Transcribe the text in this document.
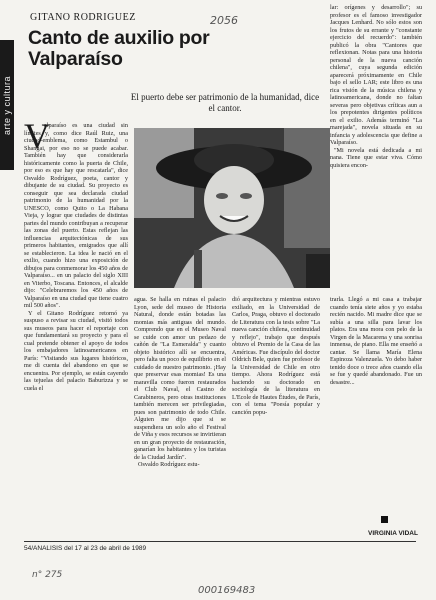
arte y cultura
GITANO RODRIGUEZ	2056
Canto de auxilio por Valparaíso
El puerto debe ser patrimonio de la humanidad, dice el cantor.
V

alparaíso es una ciudad sin límites y, como dice Raúl Ruiz, una ciudad-emblema, como Estambul o Shangai, por eso no se puede acabar. También hay que considerarla históricamente como la puerta de Chile, por eso es que hay que rescatarla", dice Osvaldo Rodríguez, poeta, cantor y dibujante de su ciudad. Su proyecto es conseguir que sea declarada ciudad patrimonio de la humanidad por la UNESCO, como Quito o La Habana Vieja, y lograr que ciudades de distintas partes del mundo contribuyan a recuperar las zonas del puerto. Estas reflejan las influencias arquitectónicas de sus primeros habitantes, emigrados que allí se establecieron. La idea le nació en el exilio, cuando hizo una exposición de dibujos para conmemorar los 450 años de Valparaíso... en un palacio del siglo XIII en Viterbo, Toscana. Entonces, el alcalde dijo: "Celebraremos los 450 años de Valparaíso en una ciudad que tiene cuatro mil 500 años".

Y el Gitano Rodríguez retornó ya suspuso a revisar su ciudad, visitó todos sus museos para hacer el reportaje con que fundamentará su proyecto y para el cual pretende obtener el apoyo de todos los embajadores latinoamericanos en París: "Visitando sus lugares históricos, me di cuenta del abandono en que se encuentra. Por ejemplo, se están cayendo las tejuelas del palacio Baburizza y se cuela el

agua. Se halla en ruinas el palacio Lyon, sede del museo de Historia Natural, donde están botadas las momias más antiguas del mundo. Comprendo que en el Museo Naval se cuide con amor un pedazo de cañón de "La Esmeralda" y cuanto objeto histórico allí se encuentra, pero falta un poco de equilibrio en el cuidado de nuestro patrimonio. ¡Hay que preservar esas momias! Es una maravilla como fueron restaurados el Club Naval, el Casino de Carabineros, pero otras instituciones también merecen ser privilegiadas, pues son patrimonio de todo Chile. Alguien me dijo que si se suspendiera un solo año el Festival de Viña y esos recursos se invirtieran en un gran proyecto de restauración, ganarían los habitantes y los turistas de la Ciudad Jardín".

Osvaldo Rodríguez estu-

dió arquitectura y mientras estuvo exiliado, en la Universidad de Carlos, Praga, obtuvo el doctorado de Literatura con la tesis sobre "La nueva canción chilena, continuidad y reflejo", trabajo que después obtuvo el Premio de la Casa de las Américas. Fue discípulo del doctor Oldrich Bele, quien fue profesor de la Universidad de Chile en otro tiempo. Ahora Rodríguez está haciendo su doctorado en sociología de la literatura en L'Ecole de Hautes Études, de París, con el tema "Poesía popular y canción popu-

lar: orígenes y desarrollo"; su profesor es el famoso investigador Jacques Lenhard. No sólo estos son los frutos de su errante y "constante ejercicio del recuerdo": también publicó la obra "Cantores que reflexionan. Notas para una historia personal de la nueva canción chilena", cuya segunda edición aparecerá próximamente en Chile bajo el sello LAR; este libro es una rica visión de la música chilena y latinoamericana, donde no faltan severas pero objetivas críticas aun a los prepotentes dirigentes políticos en el exilio. Además terminó "La marejada", novela situada en su infancia y adolescencia que define a Valparaíso.

"Mi novela está dedicada a mi nana. Tiene que estar viva. Cómo quisiera encon-

trarla. Llegó a mi casa a trabajar cuando tenía siete años y yo estaba recién nacido. Mi madre dice que se subía a una silla para lavar los platos. Era una mora con pelo de la Virgen de la Macarena y una sonrisa inmensa, de piano. Ella me enseñó a cantar. Se llama María Elena Espinoza Valenzuela. Yo debo haber tenido doce o trece años cuando ella se fue y quedé abandonado. Fue un desastre...

VIRGINIA VIDAL
54/ANALISIS del 17 al 23 de abril de 1989
n° 275
000169483
